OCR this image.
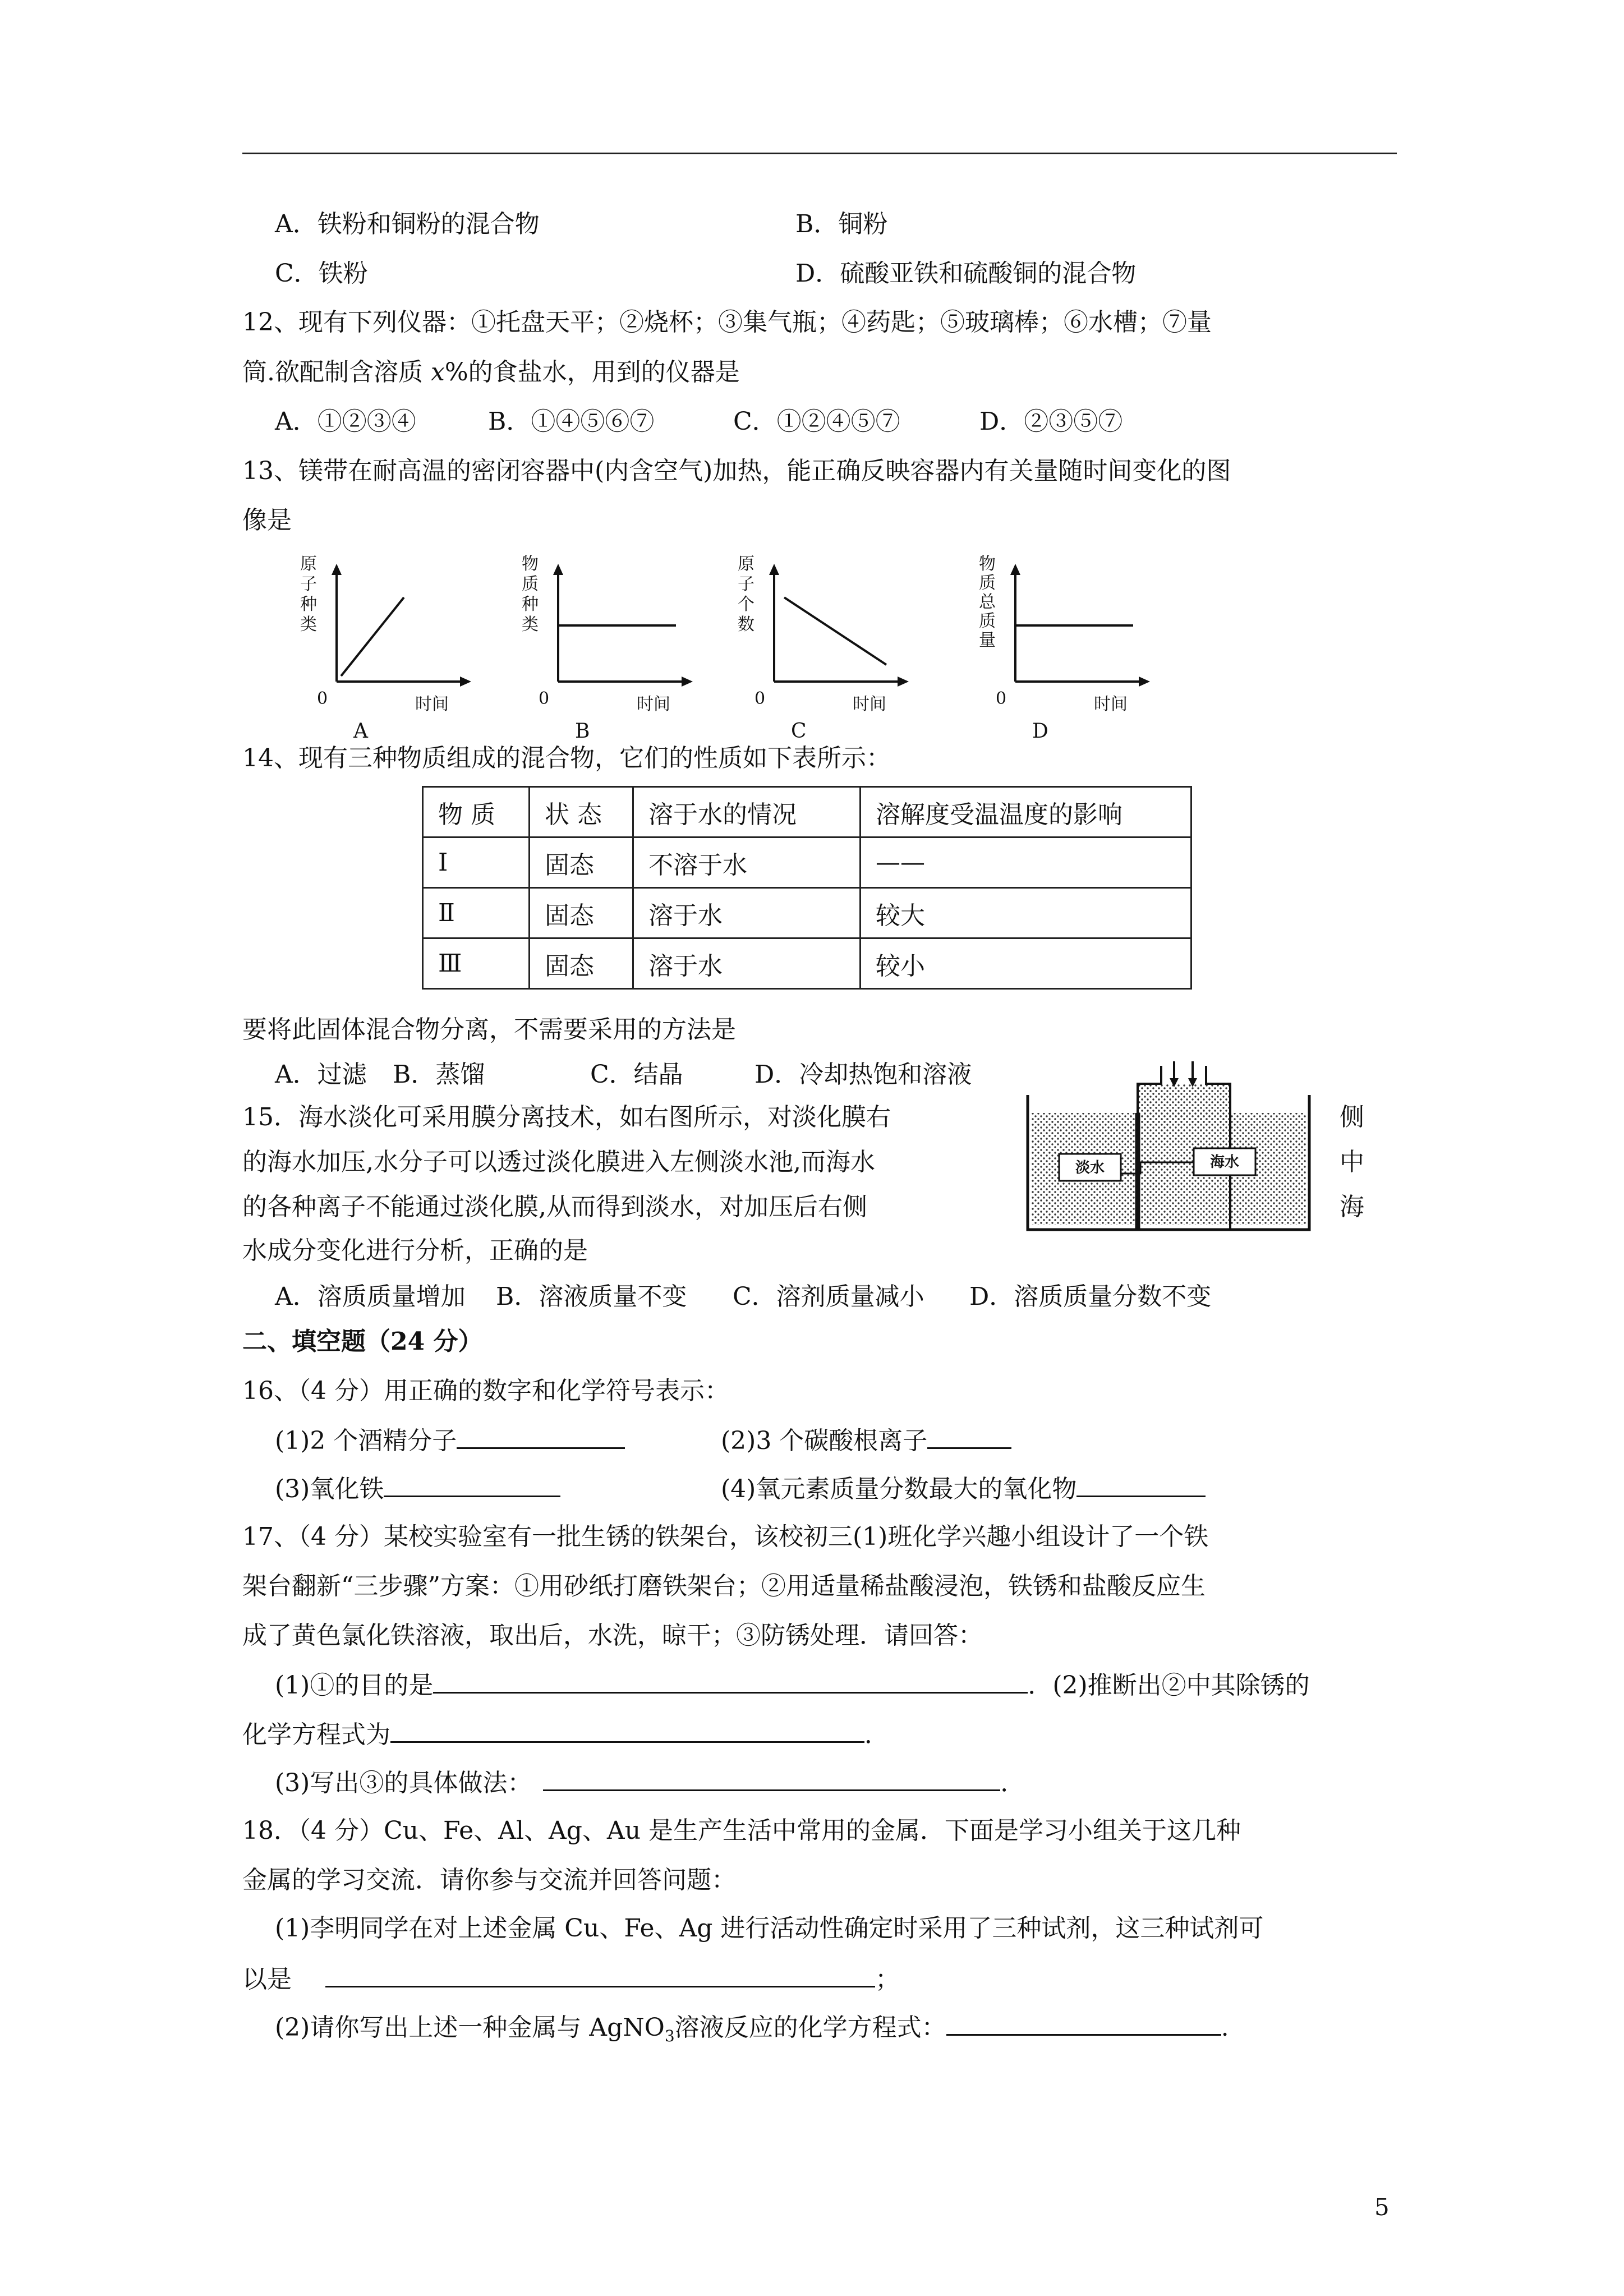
A．铁粉和铜粉的混合物	B．铜粉
C．铁粉	D．硫酸亚铁和硫酸铜的混合物
12、现有下列仪器：①托盘天平；②烧杯；③集气瓶；④药匙；⑤玻璃棒；⑥水槽；⑦量
筒.欲配制含溶质 x%的食盐水，用到的仪器是
A．①②③④	B．①④⑤⑥⑦	C．①②④⑤⑦	D．②③⑤⑦
13、镁带在耐高温的密闭容器中(内含空气)加热，能正确反映容器内有关量随时间变化的图
像是
原
子
种
类
0	时间
A
物
质
种
类
0	时间
B
原
子
个
数
0	时间
C
物
质
总
质
量
0	时间
D
14、现有三种物质组成的混合物，它们的性质如下表所示：
物 质	状 态	溶于水的情况	溶解度受温温度的影响
Ⅰ	固态	不溶于水	——
Ⅱ	固态	溶于水	较大
Ⅲ	固态	溶于水	较小
要将此固体混合物分离，不需要采用的方法是
A．过滤 B．蒸馏	C．结晶	D．冷却热饱和溶液
15．海水淡化可采用膜分离技术，如右图所示，对淡化膜右
的海水加压,水分子可以透过淡化膜进入左侧淡水池,而海水
的各种离子不能通过淡化膜,从而得到淡水，对加压后右侧
水成分变化进行分析，正确的是
侧
中
海
淡水	海水
A．溶质质量增加 B．溶液质量不变 C．溶剂质量减小 D．溶质质量分数不变
二、填空题（24 分）
16、（4 分）用正确的数字和化学符号表示：
(1)2 个酒精分子	(2)3 个碳酸根离子
(3)氧化铁	(4)氧元素质量分数最大的氧化物
17、（4 分）某校实验室有一批生锈的铁架台，该校初三(1)班化学兴趣小组设计了一个铁
架台翻新“三步骤”方案：①用砂纸打磨铁架台；②用适量稀盐酸浸泡，铁锈和盐酸反应生
成了黄色氯化铁溶液，取出后，水洗，晾干；③防锈处理．请回答：
(1)①的目的是	．(2)推断出②中其除锈的
化学方程式为	．
(3)写出③的具体做法：	．
18．（4 分）Cu、Fe、Al、Ag、Au 是生产生活中常用的金属．下面是学习小组关于这几种
金属的学习交流．请你参与交流并回答问题：
(1)李明同学在对上述金属 Cu、Fe、Ag 进行活动性确定时采用了三种试剂，这三种试剂可
以是	；
(2)请你写出上述一种金属与 AgNO$_3$溶液反应的化学方程式：	.
5
